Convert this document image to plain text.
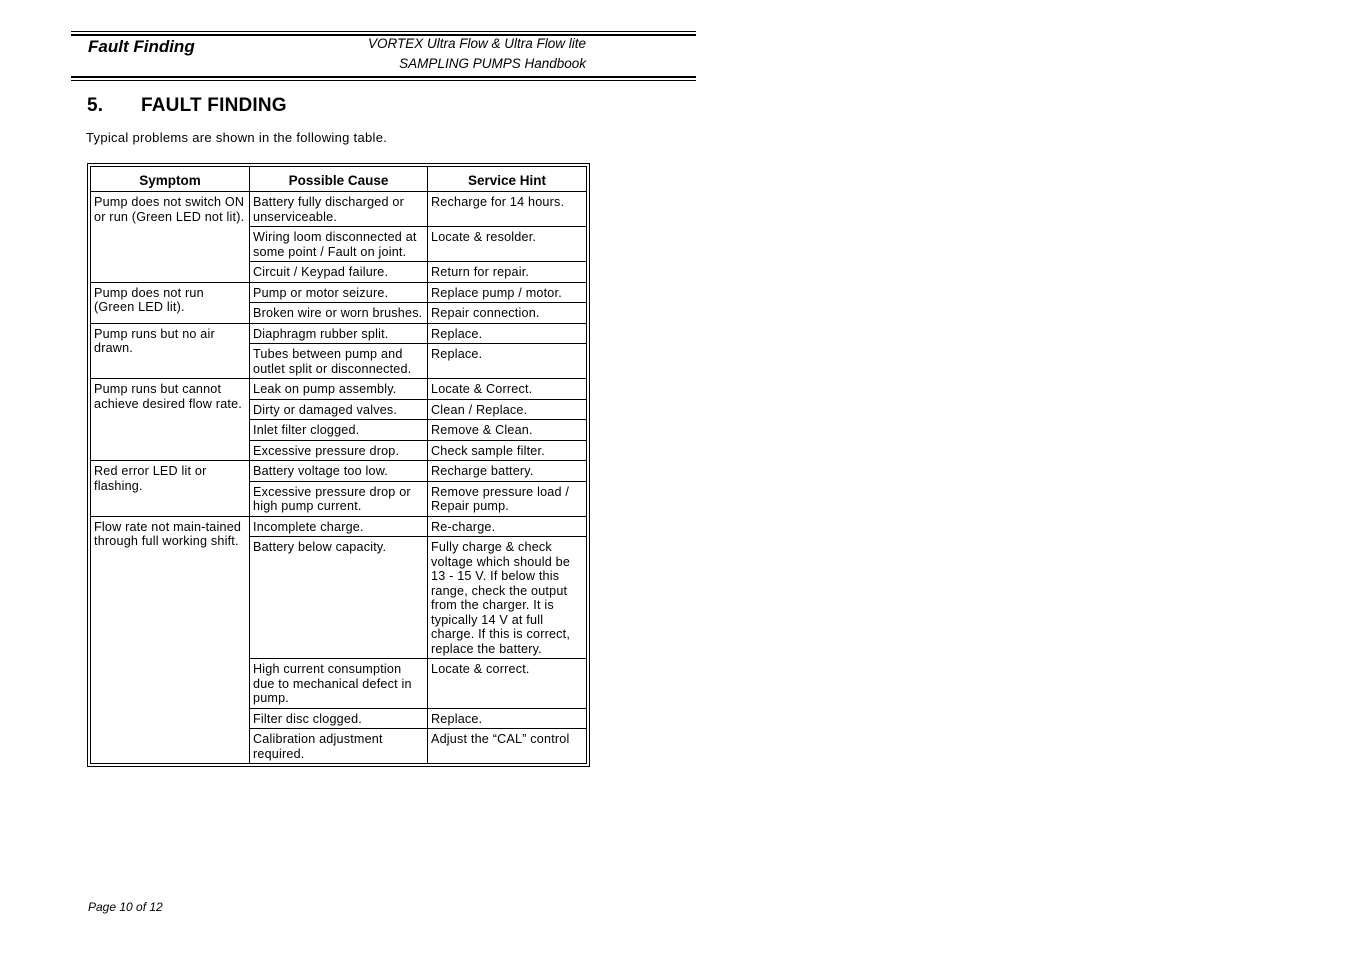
Fault Finding	VORTEX Ultra Flow & Ultra Flow lite
SAMPLING PUMPS Handbook
5. FAULT FINDING
Typical problems are shown in the following table.
Symptom	Possible Cause	Service Hint
Pump does not switch ON or run (Green LED not lit).	Battery fully discharged or unserviceable.	Recharge for 14 hours.
	Wiring loom disconnected at some point / Fault on joint.	Locate & resolder.
	Circuit / Keypad failure.	Return for repair.
Pump does not run (Green LED lit).	Pump or motor seizure.	Replace pump / motor.
	Broken wire or worn brushes.	Repair connection.
Pump runs but no air drawn.	Diaphragm rubber split.	Replace.
	Tubes between pump and outlet split or disconnected.	Replace.
Pump runs but cannot achieve desired flow rate.	Leak on pump assembly.	Locate & Correct.
	Dirty or damaged valves.	Clean / Replace.
	Inlet filter clogged.	Remove & Clean.
	Excessive pressure drop.	Check sample filter.
Red error LED lit or flashing.	Battery voltage too low.	Recharge battery.
	Excessive pressure drop or high pump current.	Remove pressure load / Repair pump.
Flow rate not main-tained through full working shift.	Incomplete charge.	Re-charge.
	Battery below capacity.	Fully charge & check voltage which should be 13 - 15 V. If below this range, check the output from the charger. It is typically 14 V at full charge. If this is correct, replace the battery.
	High current consumption due to mechanical defect in pump.	Locate & correct.
	Filter disc clogged.	Replace.
	Calibration adjustment required.	Adjust the “CAL” control
Page 10 of 12
